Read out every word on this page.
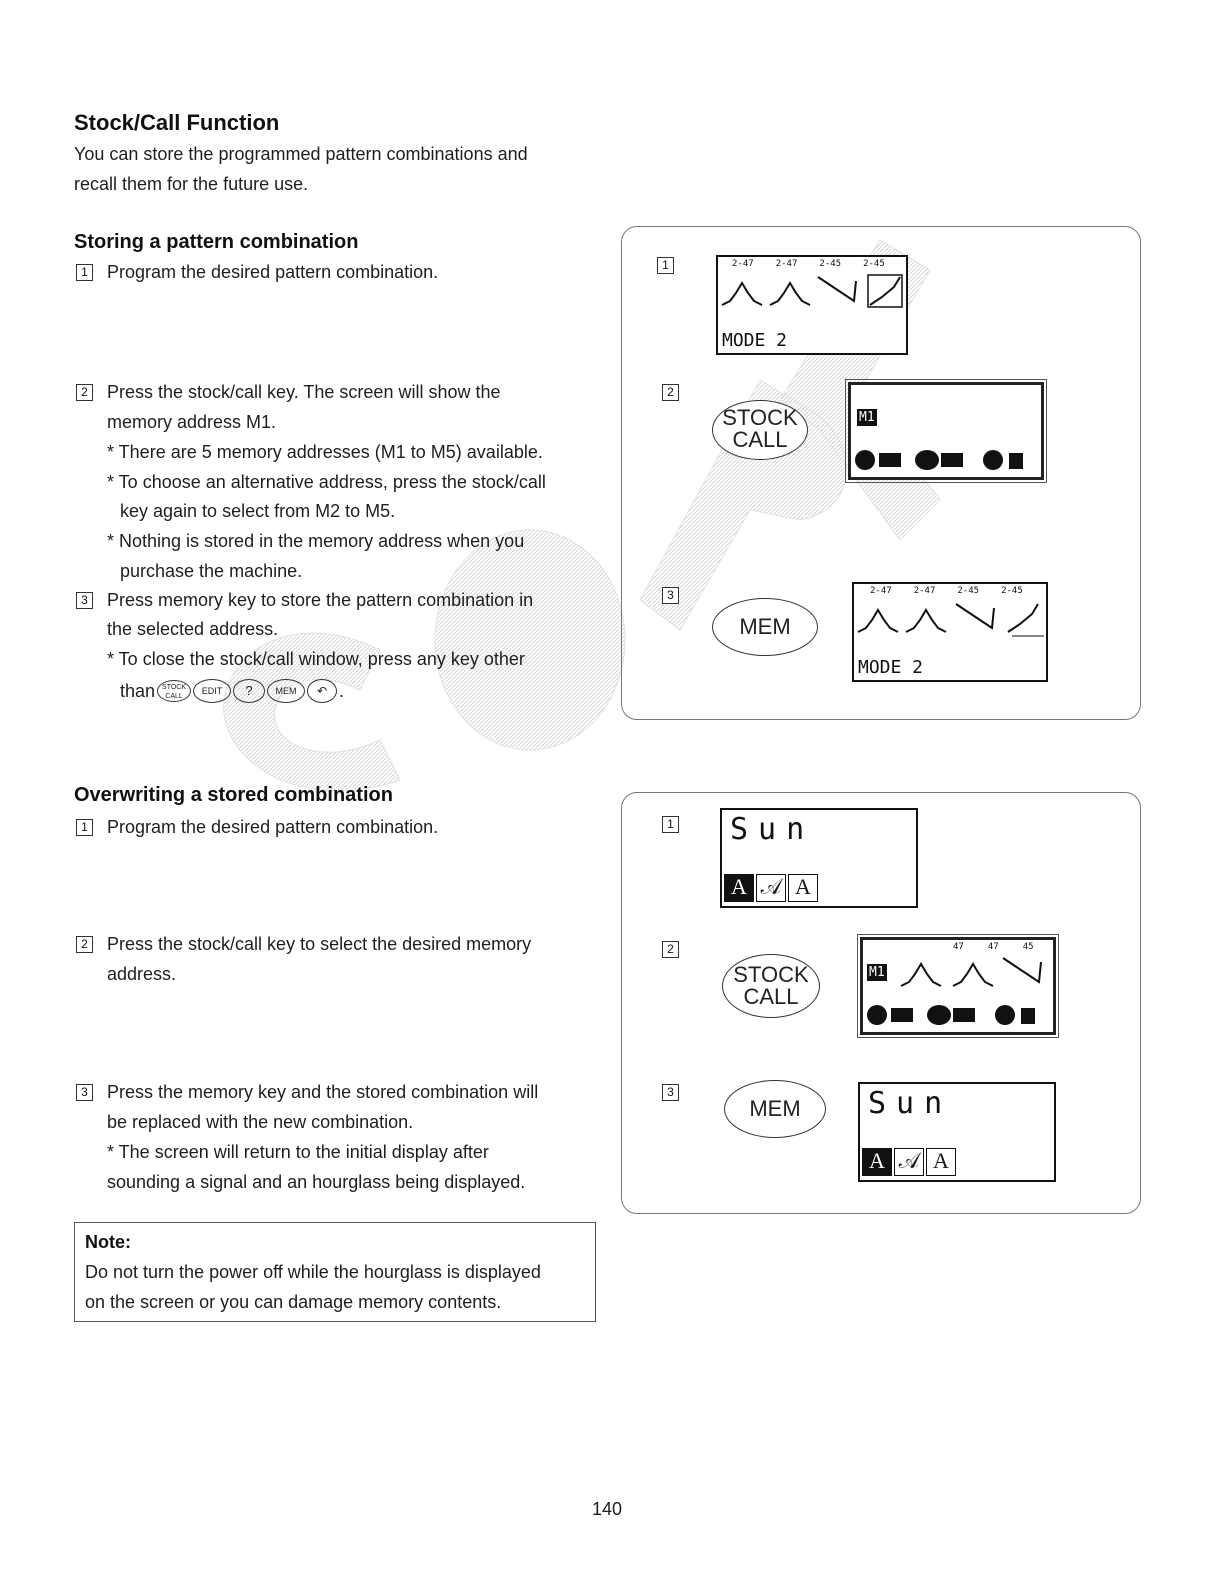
Stock/Call Function
You can store the programmed pattern combinations and
recall them for the future use.
Storing a pattern combination
1 Program the desired pattern combination.
2 Press the stock/call key. The screen will show the
memory address M1.
* There are 5 memory addresses (M1 to M5) available.
* To choose an alternative address, press the stock/call
key again to select from M2 to M5.
* Nothing is stored in the memory address when you
purchase the machine.
3 Press memory key to store the pattern combination in
the selected address.
* To close the stock/call window, press any key other
than	STOCK CALL
EDIT	?	MEM	↶ .
1	2-47 2-47 2-45 2-45
MODE 2
2
STOCK
CALL
M1
3
MEM
2-47 2-47 2-45 2-45
MODE 2
Overwriting a stored combination
1 Program the desired pattern combination.
2 Press the stock/call key to select the desired memory
address.
3 Press the memory key and the stored combination will
be replaced with the new combination.
* The screen will return to the initial display after
sounding a signal and an hourglass being displayed.
1 Sun
A 𝒜 A
2
STOCK
CALL
M1
47	47	45
3
MEM	Sun
A 𝒜 A
Note:
Do not turn the power off while the hourglass is displayed
on the screen or you can damage memory contents.
140
